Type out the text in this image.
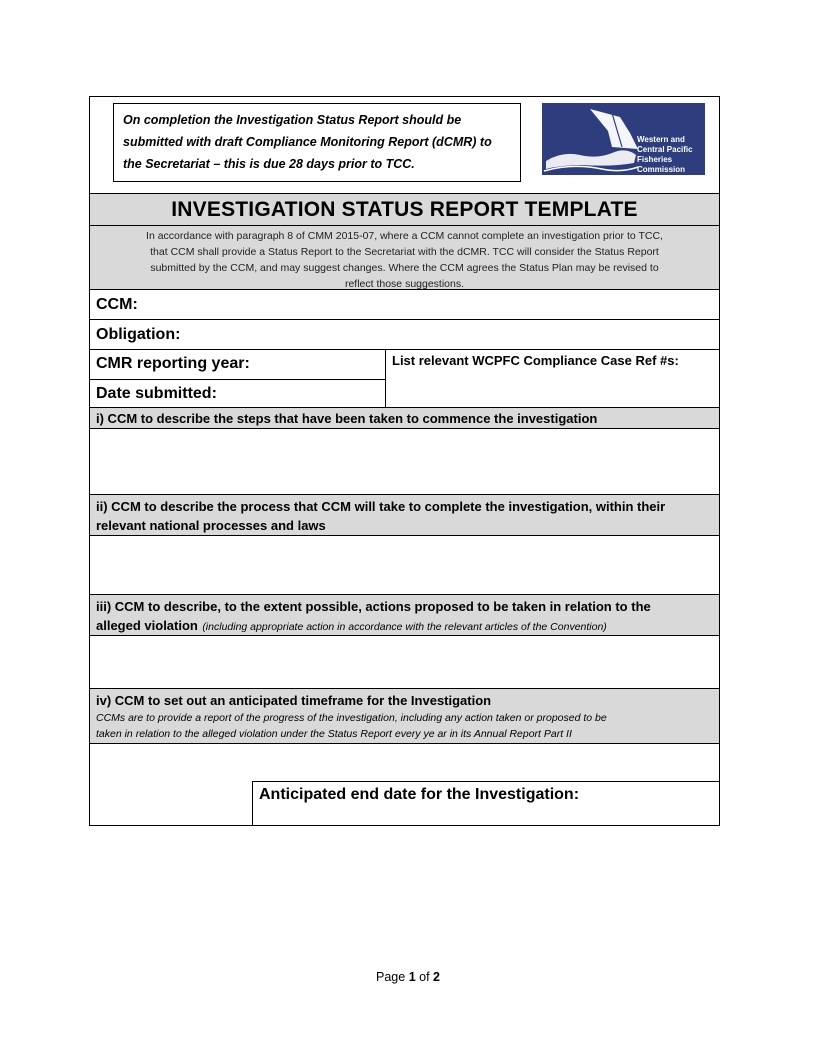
On completion the Investigation Status Report should be
submitted with draft Compliance Monitoring Report (dCMR) to
the Secretariat – this is due 28 days prior to TCC.
Western and
Central Pacific
Fisheries
Commission
INVESTIGATION STATUS REPORT TEMPLATE
In accordance with paragraph 8 of CMM 2015-07, where a CCM cannot complete an investigation prior to TCC,
that CCM shall provide a Status Report to the Secretariat with the dCMR. TCC will consider the Status Report
submitted by the CCM, and may suggest changes. Where the CCM agrees the Status Plan may be revised to
reflect those suggestions.
CCM:
Obligation:
CMR reporting year:
Date submitted:
List relevant WCPFC Compliance Case Ref #s:
i) CCM to describe the steps that have been taken to commence the investigation
ii) CCM to describe the process that CCM will take to complete the investigation, within their
relevant national processes and laws
iii) CCM to describe, to the extent possible, actions proposed to be taken in relation to the
alleged violation (including appropriate action in accordance with the relevant articles of the Convention)
iv) CCM to set out an anticipated timeframe for the Investigation
CCMs are to provide a report of the progress of the investigation, including any action taken or proposed to be
taken in relation to the alleged violation under the Status Report every ye ar in its Annual Report Part II
Anticipated end date for the Investigation:
Page 1 of 2
